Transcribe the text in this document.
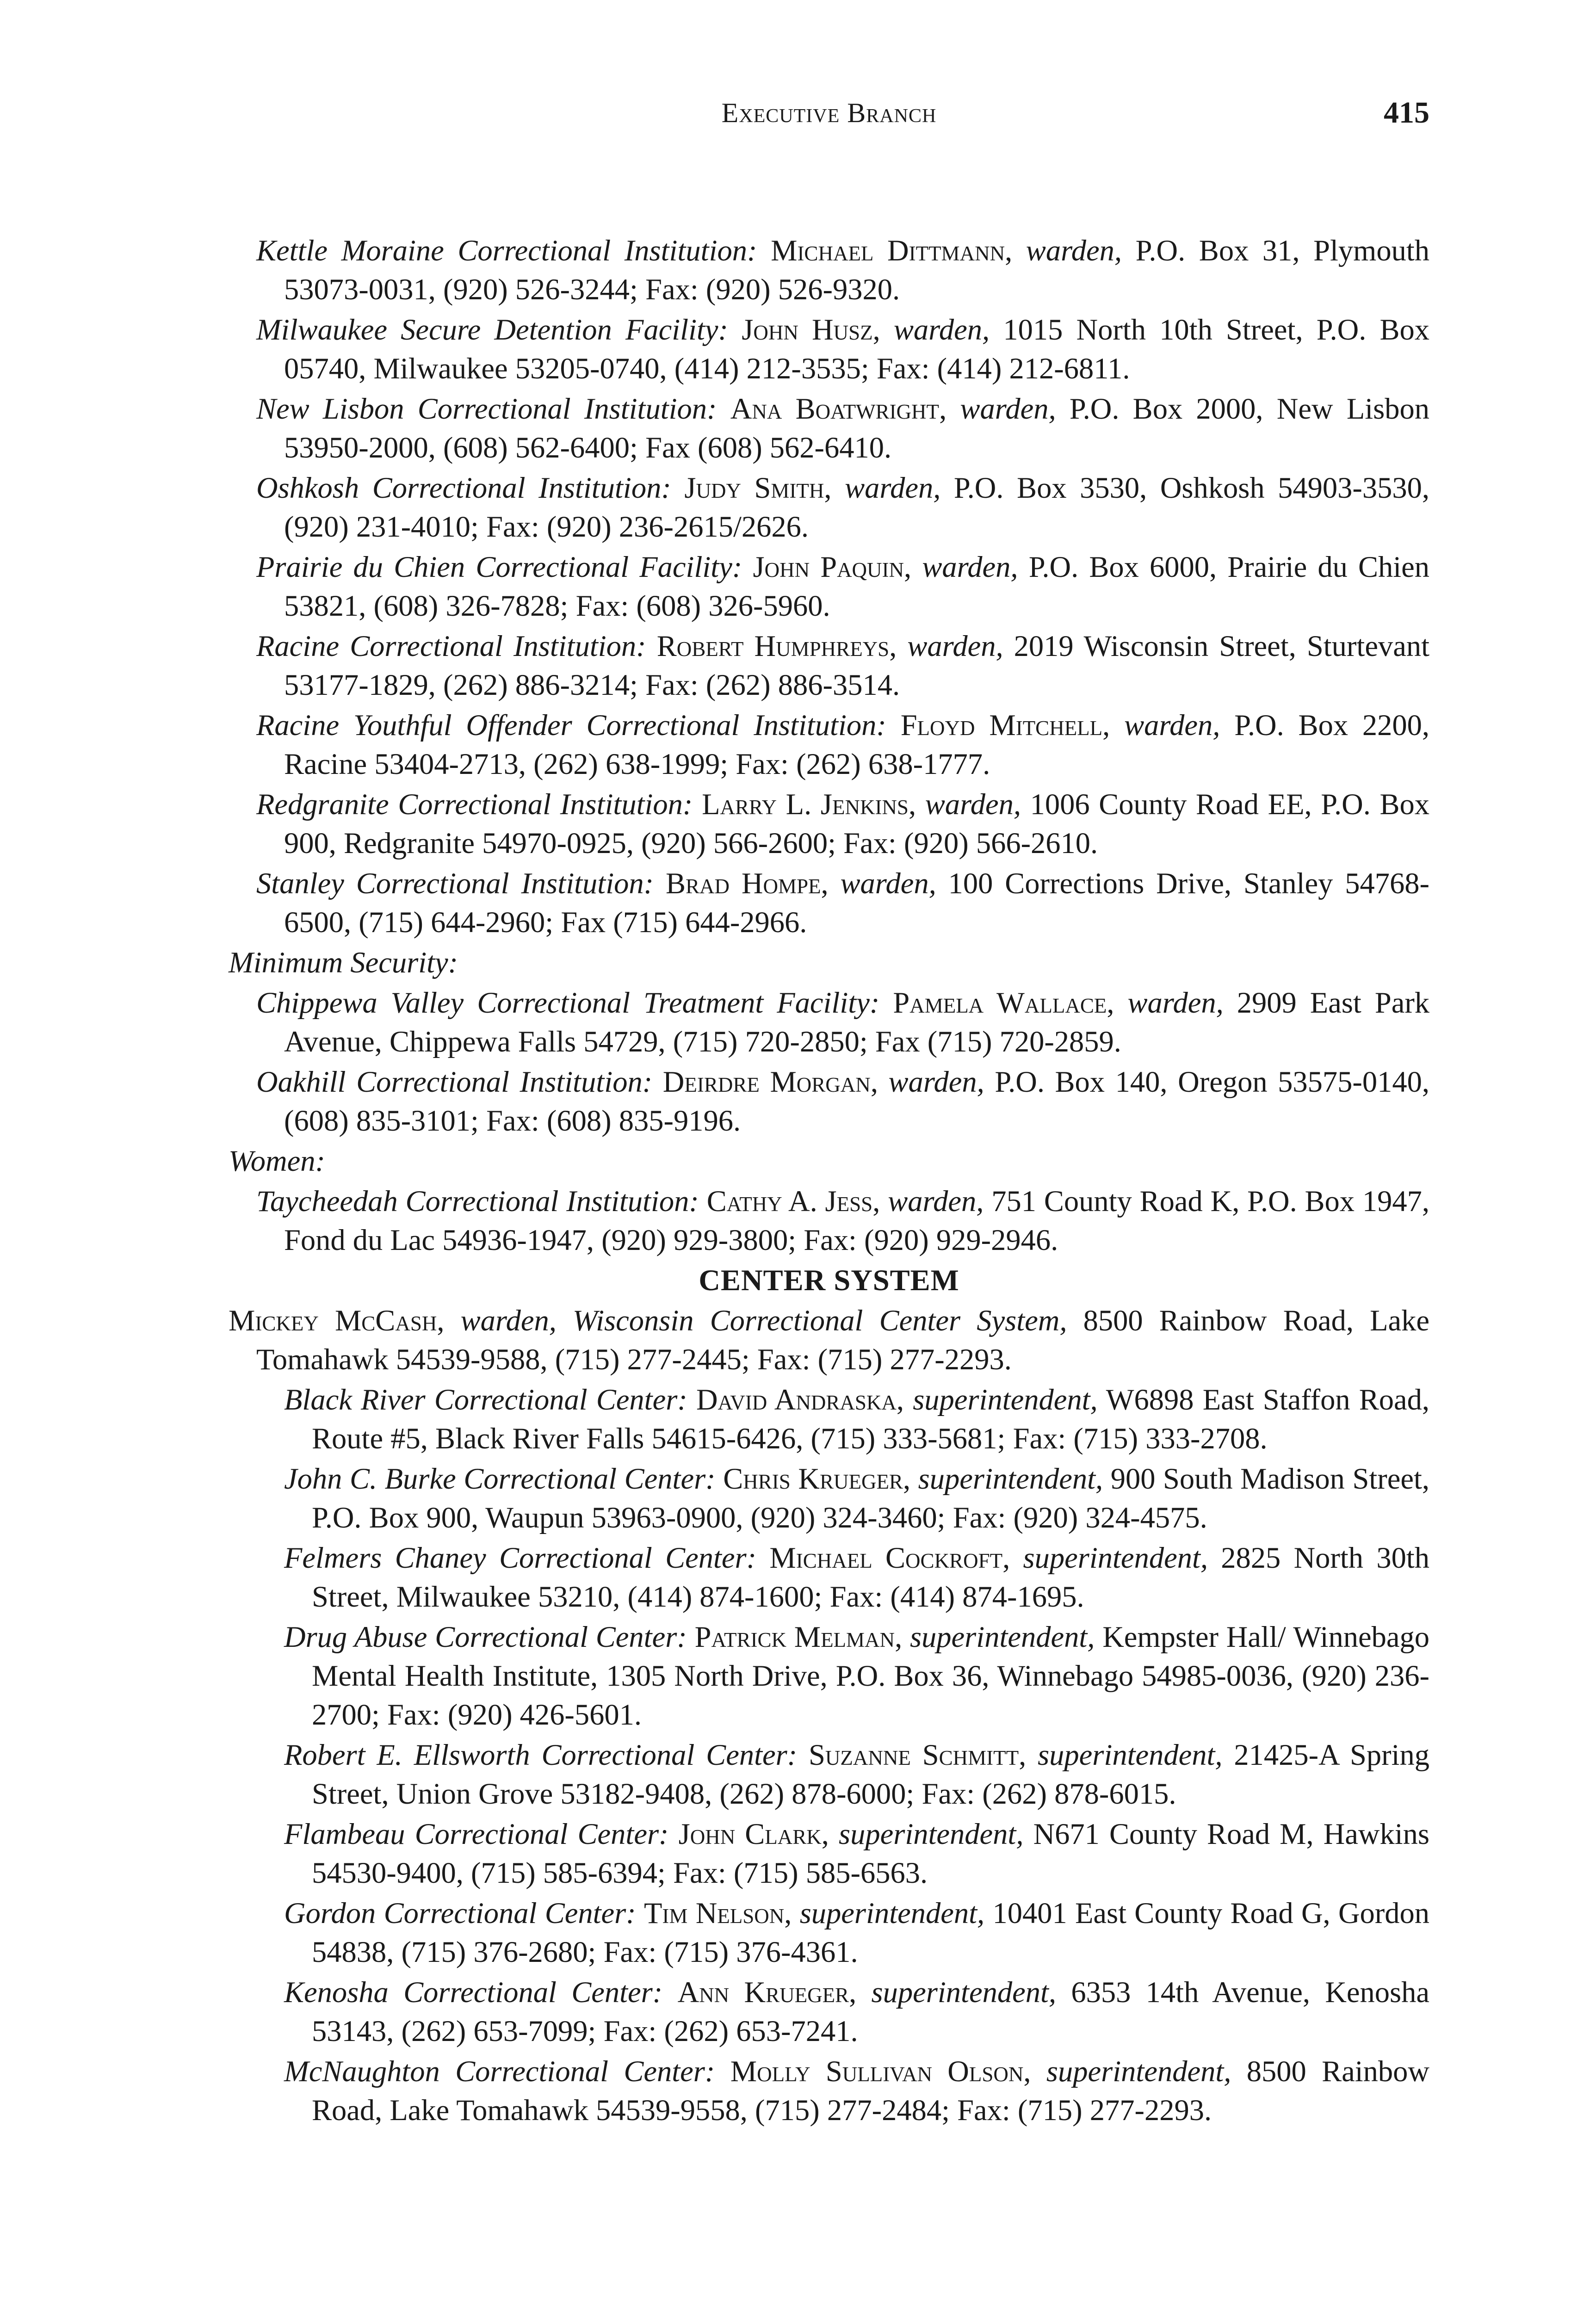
Executive Branch	415

Kettle Moraine Correctional Institution: Michael Dittmann, warden, P.O. Box 31, Plymouth 53073-0031, (920) 526-3244; Fax: (920) 526-9320.

Milwaukee Secure Detention Facility: John Husz, warden, 1015 North 10th Street, P.O. Box 05740, Milwaukee 53205-0740, (414) 212-3535; Fax: (414) 212-6811.

New Lisbon Correctional Institution: Ana Boatwright, warden, P.O. Box 2000, New Lisbon 53950-2000, (608) 562-6400; Fax (608) 562-6410.

Oshkosh Correctional Institution: Judy Smith, warden, P.O. Box 3530, Oshkosh 54903-3530, (920) 231-4010; Fax: (920) 236-2615/2626.

Prairie du Chien Correctional Facility: John Paquin, warden, P.O. Box 6000, Prairie du Chien 53821, (608) 326-7828; Fax: (608) 326-5960.

Racine Correctional Institution: Robert Humphreys, warden, 2019 Wisconsin Street, Sturtevant 53177-1829, (262) 886-3214; Fax: (262) 886-3514.

Racine Youthful Offender Correctional Institution: Floyd Mitchell, warden, P.O. Box 2200, Racine 53404-2713, (262) 638-1999; Fax: (262) 638-1777.

Redgranite Correctional Institution: Larry L. Jenkins, warden, 1006 County Road EE, P.O. Box 900, Redgranite 54970-0925, (920) 566-2600; Fax: (920) 566-2610.

Stanley Correctional Institution: Brad Hompe, warden, 100 Corrections Drive, Stanley 54768-6500, (715) 644-2960; Fax (715) 644-2966.

Minimum Security:

Chippewa Valley Correctional Treatment Facility: Pamela Wallace, warden, 2909 East Park Avenue, Chippewa Falls 54729, (715) 720-2850; Fax (715) 720-2859.

Oakhill Correctional Institution: Deirdre Morgan, warden, P.O. Box 140, Oregon 53575-0140, (608) 835-3101; Fax: (608) 835-9196.

Women:

Taycheedah Correctional Institution: Cathy A. Jess, warden, 751 County Road K, P.O. Box 1947, Fond du Lac 54936-1947, (920) 929-3800; Fax: (920) 929-2946.

CENTER SYSTEM

Mickey McCash, warden, Wisconsin Correctional Center System, 8500 Rainbow Road, Lake Tomahawk 54539-9588, (715) 277-2445; Fax: (715) 277-2293.

Black River Correctional Center: David Andraska, superintendent, W6898 East Staffon Road, Route #5, Black River Falls 54615-6426, (715) 333-5681; Fax: (715) 333-2708.

John C. Burke Correctional Center: Chris Krueger, superintendent, 900 South Madison Street, P.O. Box 900, Waupun 53963-0900, (920) 324-3460; Fax: (920) 324-4575.

Felmers Chaney Correctional Center: Michael Cockroft, superintendent, 2825 North 30th Street, Milwaukee 53210, (414) 874-1600; Fax: (414) 874-1695.

Drug Abuse Correctional Center: Patrick Melman, superintendent, Kempster Hall/ Winnebago Mental Health Institute, 1305 North Drive, P.O. Box 36, Winnebago 54985-0036, (920) 236-2700; Fax: (920) 426-5601.

Robert E. Ellsworth Correctional Center: Suzanne Schmitt, superintendent, 21425-A Spring Street, Union Grove 53182-9408, (262) 878-6000; Fax: (262) 878-6015.

Flambeau Correctional Center: John Clark, superintendent, N671 County Road M, Hawkins 54530-9400, (715) 585-6394; Fax: (715) 585-6563.

Gordon Correctional Center: Tim Nelson, superintendent, 10401 East County Road G, Gordon 54838, (715) 376-2680; Fax: (715) 376-4361.

Kenosha Correctional Center: Ann Krueger, superintendent, 6353 14th Avenue, Kenosha 53143, (262) 653-7099; Fax: (262) 653-7241.

McNaughton Correctional Center: Molly Sullivan Olson, superintendent, 8500 Rainbow Road, Lake Tomahawk 54539-9558, (715) 277-2484; Fax: (715) 277-2293.
